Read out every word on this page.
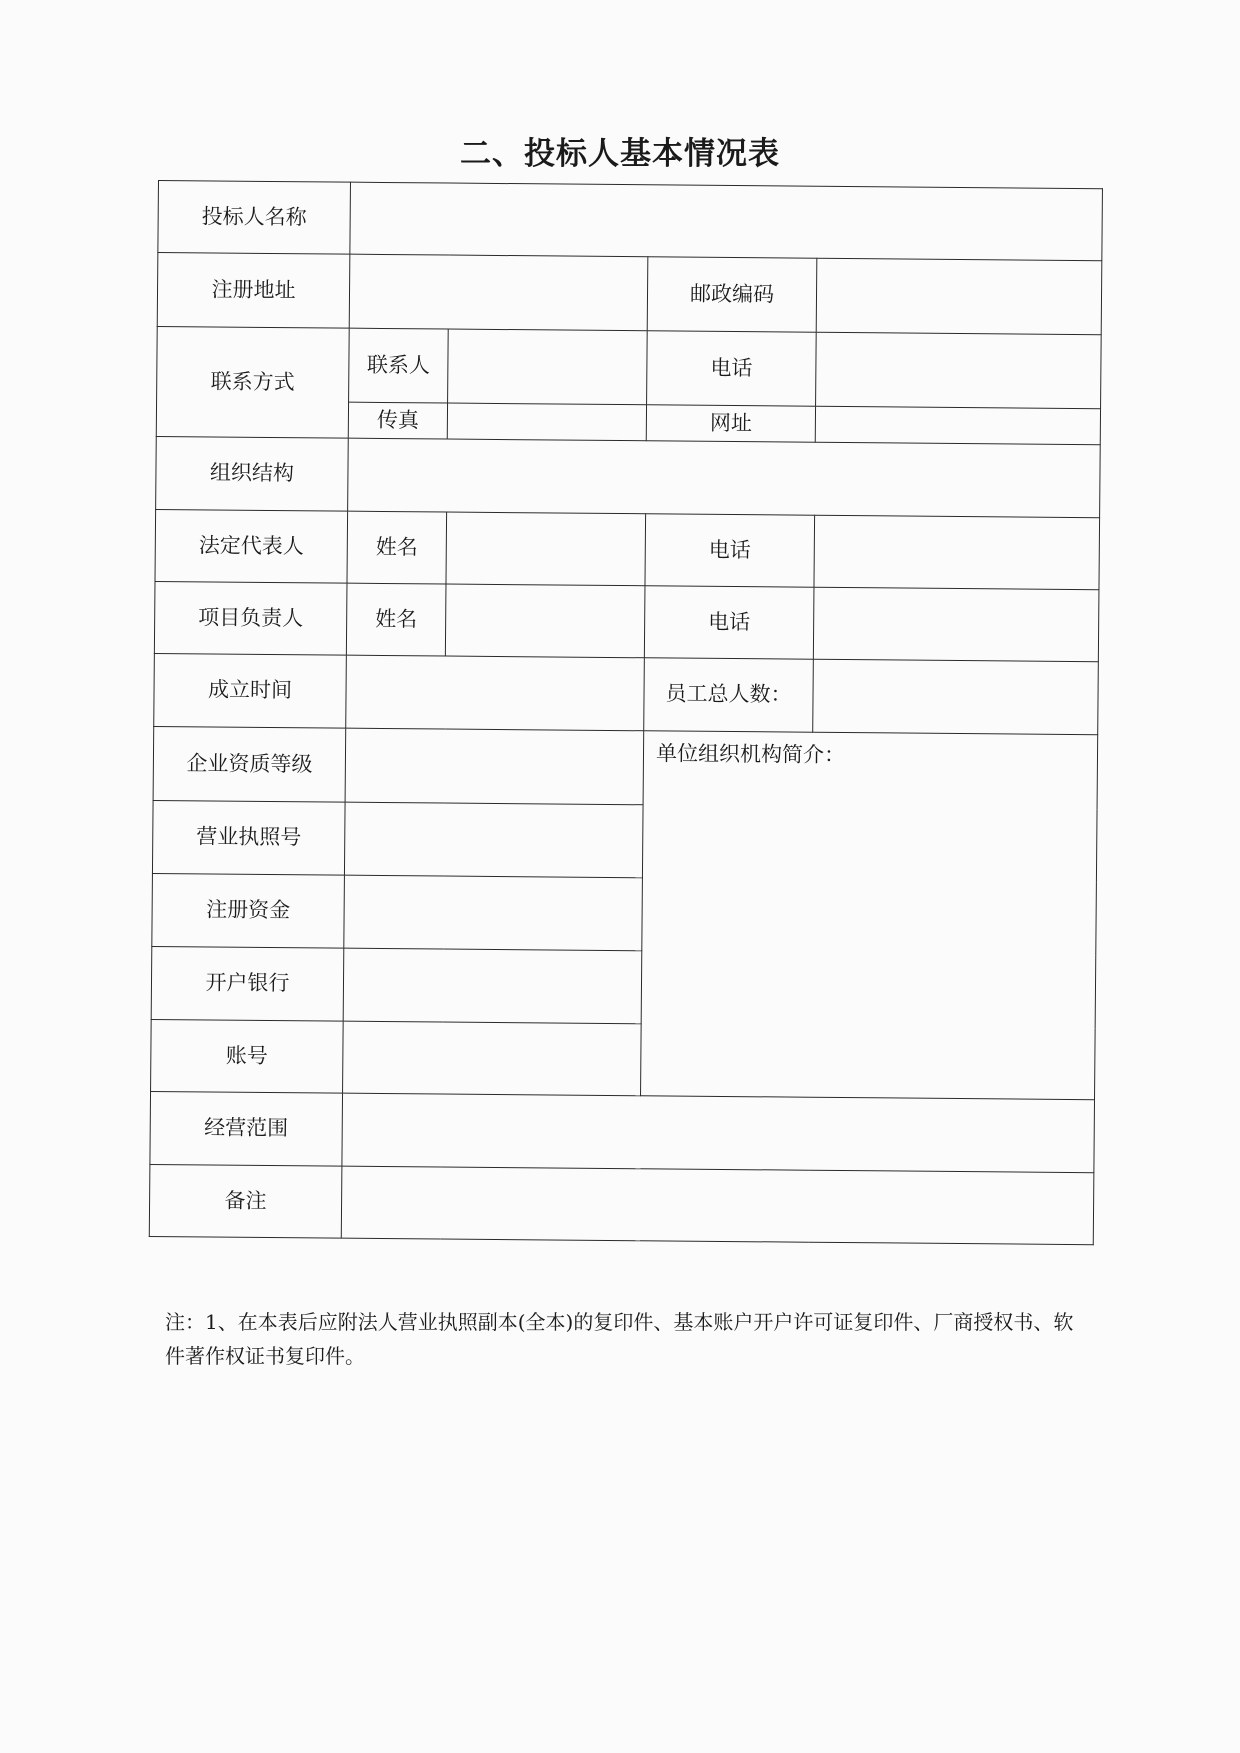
二、投标人基本情况表
投标人名称				
注册地址			邮政编码	
联系方式	联系人		电话	
	传真		网址	
组织结构				
法定代表人	姓名		电话	
项目负责人	姓名		电话	
成立时间			员工总人数：	
企业资质等级			单位组织机构简介：	
营业执照号				
注册资金				
开户银行				
账号				
经营范围				
备注				

注：1、在本表后应附法人营业执照副本(全本)的复印件、基本账户开户许可证复印件、厂商授权书、软件著作权证书复印件。
